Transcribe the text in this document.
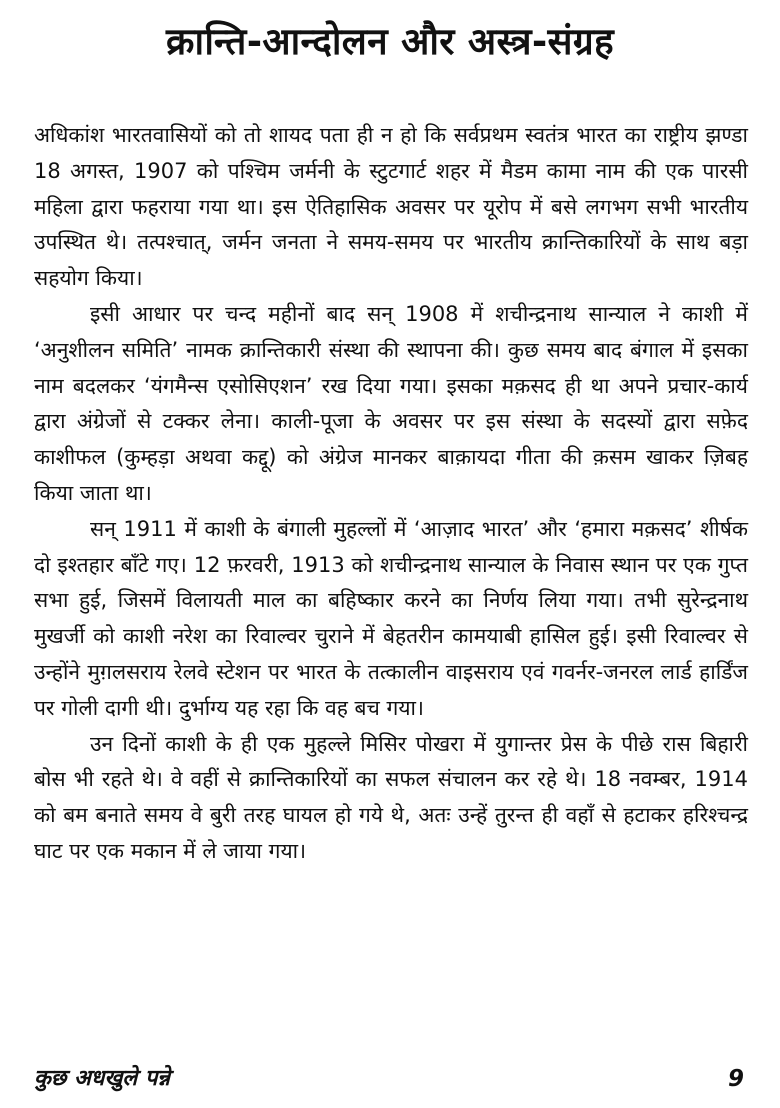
क्रान्ति-आन्दोलन और अस्त्र-संग्रह

अधिकांश भारतवासियों को तो शायद पता ही न हो कि सर्वप्रथम स्वतंत्र भारत का राष्ट्रीय झण्डा 18 अगस्त, 1907 को पश्चिम जर्मनी के स्टुटगार्ट शहर में मैडम कामा नाम की एक पारसी महिला द्वारा फहराया गया था। इस ऐतिहासिक अवसर पर यूरोप में बसे लगभग सभी भारतीय उपस्थित थे। तत्पश्चात्, जर्मन जनता ने समय-समय पर भारतीय क्रान्तिकारियों के साथ बड़ा सहयोग किया।

इसी आधार पर चन्द महीनों बाद सन् 1908 में शचीन्द्रनाथ सान्याल ने काशी में ‘अनुशीलन समिति’ नामक क्रान्तिकारी संस्था की स्थापना की। कुछ समय बाद बंगाल में इसका नाम बदलकर ‘यंगमैन्स एसोसिएशन’ रख दिया गया। इसका मक़सद ही था अपने प्रचार-कार्य द्वारा अंग्रेजों से टक्कर लेना। काली-पूजा के अवसर पर इस संस्था के सदस्यों द्वारा सफ़ेद काशीफल (कुम्हड़ा अथवा कद्दू) को अंग्रेज मानकर बाक़ायदा गीता की क़सम खाकर ज़िबह किया जाता था।

सन् 1911 में काशी के बंगाली मुहल्लों में ‘आज़ाद भारत’ और ‘हमारा मक़सद’ शीर्षक दो इश्तहार बाँटे गए। 12 फ़रवरी, 1913 को शचीन्द्रनाथ सान्याल के निवास स्थान पर एक गुप्त सभा हुई, जिसमें विलायती माल का बहिष्कार करने का निर्णय लिया गया। तभी सुरेन्द्रनाथ मुखर्जी को काशी नरेश का रिवाल्वर चुराने में बेहतरीन कामयाबी हासिल हुई। इसी रिवाल्वर से उन्होंने मुग़लसराय रेलवे स्टेशन पर भारत के तत्कालीन वाइसराय एवं गवर्नर-जनरल लार्ड हार्डिंज पर गोली दागी थी। दुर्भाग्य यह रहा कि वह बच गया।

उन दिनों काशी के ही एक मुहल्ले मिसिर पोखरा में युगान्तर प्रेस के पीछे रास बिहारी बोस भी रहते थे। वे वहीं से क्रान्तिकारियों का सफल संचालन कर रहे थे। 18 नवम्बर, 1914 को बम बनाते समय वे बुरी तरह घायल हो गये थे, अतः उन्हें तुरन्त ही वहाँ से हटाकर हरिश्चन्द्र घाट पर एक मकान में ले जाया गया।

कुछ अधखुले पन्ने	9
